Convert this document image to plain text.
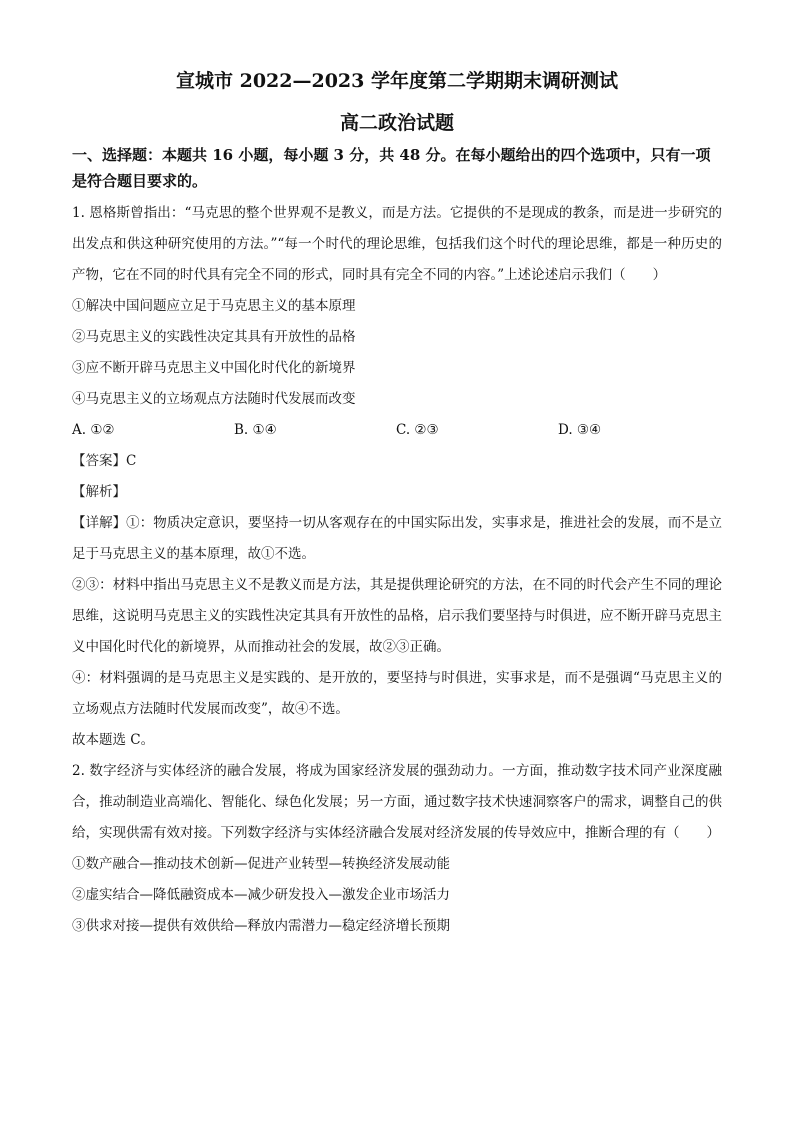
宣城市 2022—2023 学年度第二学期期末调研测试
高二政治试题

一、选择题：本题共 16 小题，每小题 3 分，共 48 分。在每小题给出的四个选项中，只有一项是符合题目要求的。

1. 恩格斯曾指出：“马克思的整个世界观不是教义，而是方法。它提供的不是现成的教条，而是进一步研究的出发点和供这种研究使用的方法。”“每一个时代的理论思维，包括我们这个时代的理论思维，都是一种历史的产物，它在不同的时代具有完全不同的形式，同时具有完全不同的内容。”上述论述启示我们（　　）

①解决中国问题应立足于马克思主义的基本原理

②马克思主义的实践性决定其具有开放性的品格

③应不断开辟马克思主义中国化时代化的新境界

④马克思主义的立场观点方法随时代发展而改变

A. ①②	B. ①④	C. ②③	D. ③④

【答案】C

【解析】

【详解】①：物质决定意识，要坚持一切从客观存在的中国实际出发，实事求是，推进社会的发展，而不是立足于马克思主义的基本原理，故①不选。

②③：材料中指出马克思主义不是教义而是方法，其是提供理论研究的方法，在不同的时代会产生不同的理论思维，这说明马克思主义的实践性决定其具有开放性的品格，启示我们要坚持与时俱进，应不断开辟马克思主义中国化时代化的新境界，从而推动社会的发展，故②③正确。

④：材料强调的是马克思主义是实践的、是开放的，要坚持与时俱进，实事求是，而不是强调“马克思主义的立场观点方法随时代发展而改变”，故④不选。

故本题选 C。

2. 数字经济与实体经济的融合发展，将成为国家经济发展的强劲动力。一方面，推动数字技术同产业深度融合，推动制造业高端化、智能化、绿色化发展；另一方面，通过数字技术快速洞察客户的需求，调整自己的供给，实现供需有效对接。下列数字经济与实体经济融合发展对经济发展的传导效应中，推断合理的有（　　）

①数产融合—推动技术创新—促进产业转型—转换经济发展动能

②虚实结合—降低融资成本—减少研发投入—激发企业市场活力

③供求对接—提供有效供给—释放内需潜力—稳定经济增长预期
